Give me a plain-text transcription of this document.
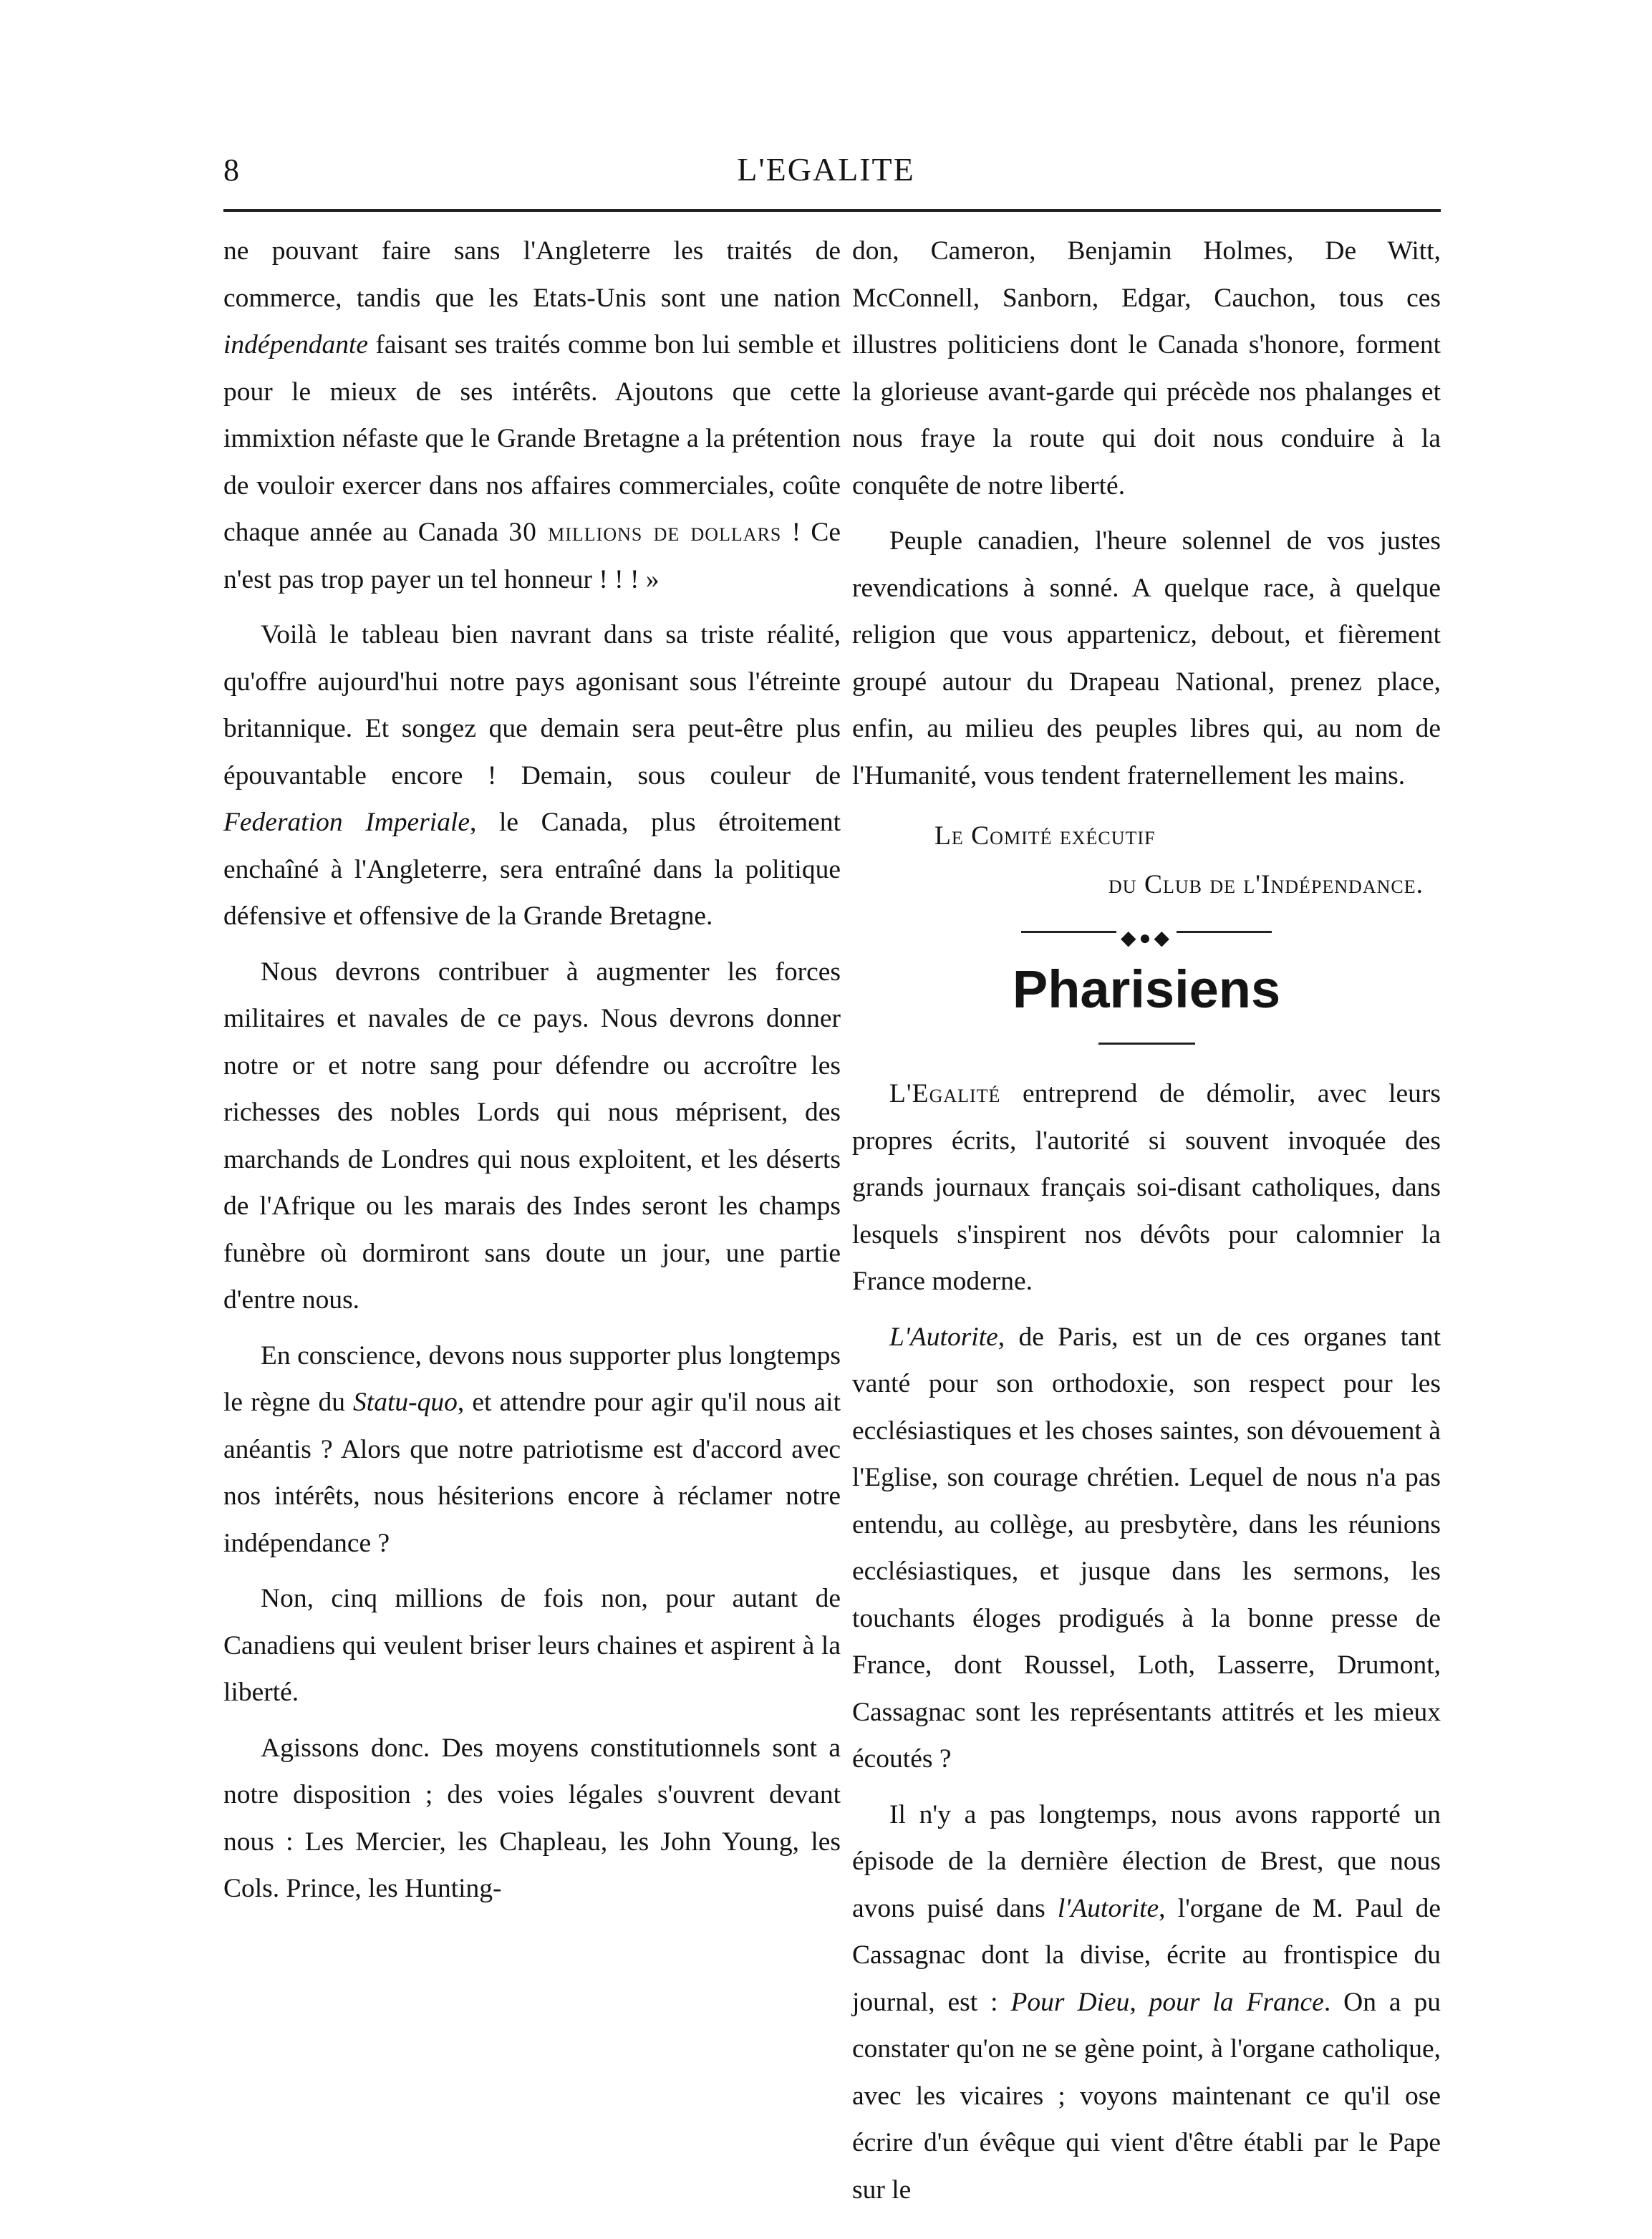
8	L'EGALITE

ne pouvant faire sans l'Angleterre les traités de commerce, tandis que les Etats-Unis sont une nation indépendante faisant ses traités comme bon lui semble et pour le mieux de ses intérêts. Ajoutons que cette immixtion néfaste que le Grande Bretagne a la prétention de vouloir exercer dans nos affaires commerciales, coûte chaque année au Canada 30 millions de dollars ! Ce n'est pas trop payer un tel honneur ! ! ! »

Voilà le tableau bien navrant dans sa triste réalité, qu'offre aujourd'hui notre pays agonisant sous l'étreinte britannique. Et songez que demain sera peut-être plus épouvantable encore ! Demain, sous couleur de Federation Imperiale, le Canada, plus étroitement enchaîné à l'Angleterre, sera entraîné dans la politique défensive et offensive de la Grande Bretagne.

Nous devrons contribuer à augmenter les forces militaires et navales de ce pays. Nous devrons donner notre or et notre sang pour défendre ou accroître les richesses des nobles Lords qui nous méprisent, des marchands de Londres qui nous exploitent, et les déserts de l'Afrique ou les marais des Indes seront les champs funèbre où dormiront sans doute un jour, une partie d'entre nous.

En conscience, devons nous supporter plus longtemps le règne du Statu-quo, et attendre pour agir qu'il nous ait anéantis ? Alors que notre patriotisme est d'accord avec nos intérêts, nous hésiterions encore à réclamer notre indépendance ?

Non, cinq millions de fois non, pour autant de Canadiens qui veulent briser leurs chaines et aspirent à la liberté.

Agissons donc. Des moyens constitutionnels sont a notre disposition ; des voies légales s'ouvrent devant nous : Les Mercier, les Chapleau, les John Young, les Cols. Prince, les Hunting-

don, Cameron, Benjamin Holmes, De Witt, McConnell, Sanborn, Edgar, Cauchon, tous ces illustres politiciens dont le Canada s'honore, forment la glorieuse avant-garde qui précède nos phalanges et nous fraye la route qui doit nous conduire à la conquête de notre liberté.

Peuple canadien, l'heure solennel de vos justes revendications à sonné. A quelque race, à quelque religion que vous appartenicz, debout, et fièrement groupé autour du Drapeau National, prenez place, enfin, au milieu des peuples libres qui, au nom de l'Humanité, vous tendent fraternellement les mains.

Le Comité exécutif
du Club de l'Indépendance.
◆●◆
Pharisiens

L'Egalité entreprend de démolir, avec leurs propres écrits, l'autorité si souvent invoquée des grands journaux français soi-disant catholiques, dans lesquels s'inspirent nos dévôts pour calomnier la France moderne.

L'Autorite, de Paris, est un de ces organes tant vanté pour son orthodoxie, son respect pour les ecclésiastiques et les choses saintes, son dévouement à l'Eglise, son courage chrétien. Lequel de nous n'a pas entendu, au collège, au presbytère, dans les réunions ecclésiastiques, et jusque dans les sermons, les touchants éloges prodigués à la bonne presse de France, dont Roussel, Loth, Lasserre, Drumont, Cassagnac sont les représentants attitrés et les mieux écoutés ?

Il n'y a pas longtemps, nous avons rapporté un épisode de la dernière élection de Brest, que nous avons puisé dans l'Autorite, l'organe de M. Paul de Cassagnac dont la divise, écrite au frontispice du journal, est : Pour Dieu, pour la France. On a pu constater qu'on ne se gène point, à l'organe catholique, avec les vicaires ; voyons maintenant ce qu'il ose écrire d'un évêque qui vient d'être établi par le Pape sur le
